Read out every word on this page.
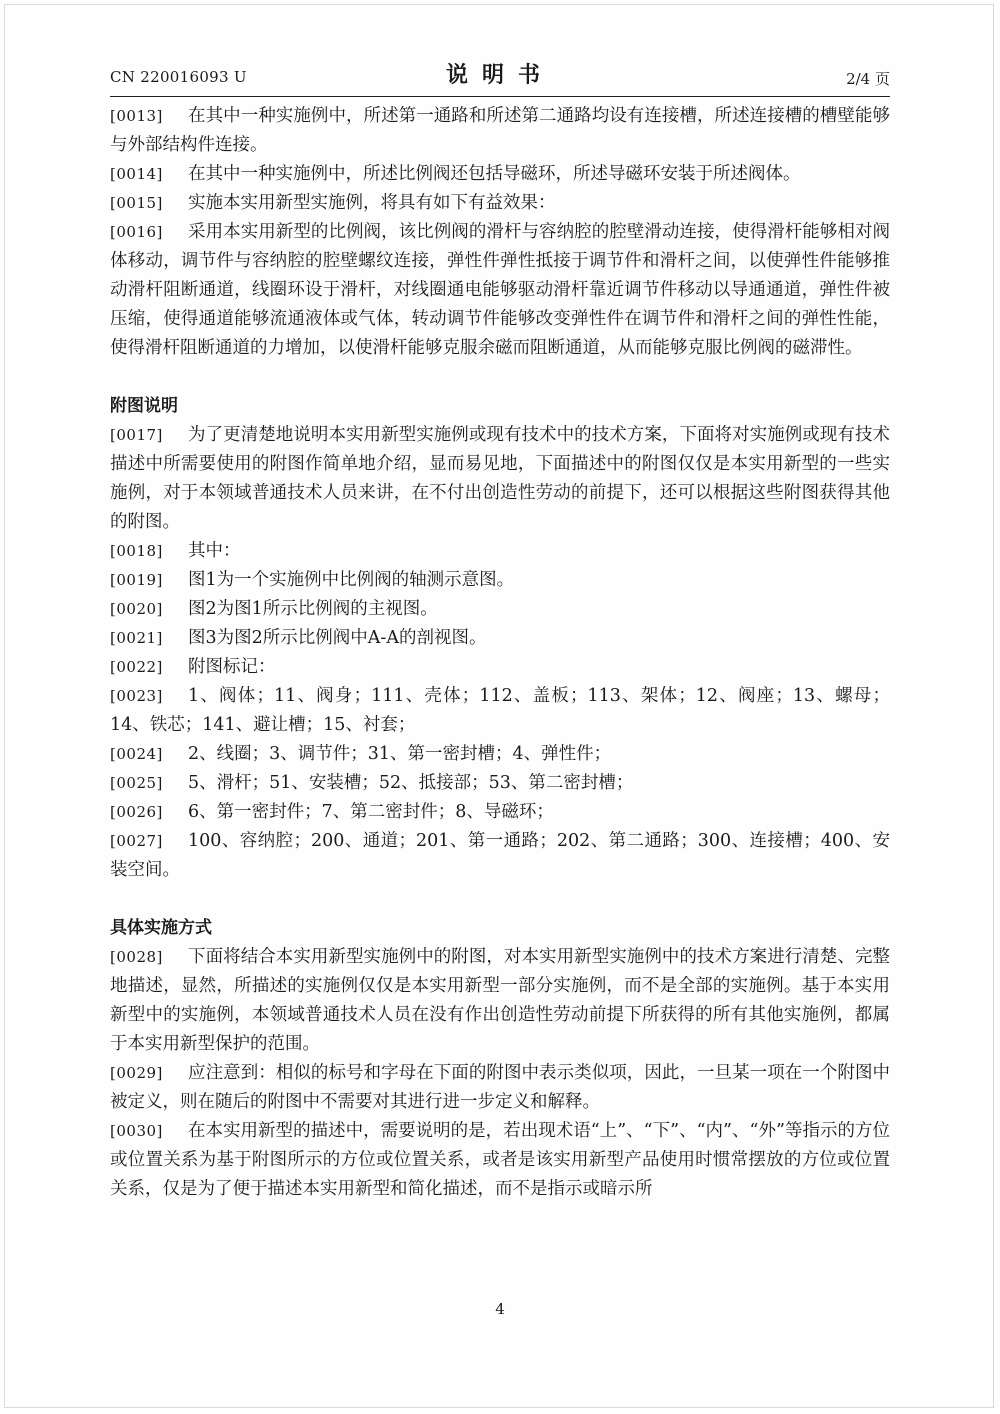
CN 220016093 U	说明书	2/4 页

[0013] 在其中一种实施例中，所述第一通路和所述第二通路均设有连接槽，所述连接槽的槽壁能够与外部结构件连接。

[0014] 在其中一种实施例中，所述比例阀还包括导磁环，所述导磁环安装于所述阀体。

[0015] 实施本实用新型实施例，将具有如下有益效果：

[0016] 采用本实用新型的比例阀，该比例阀的滑杆与容纳腔的腔壁滑动连接，使得滑杆能够相对阀体移动，调节件与容纳腔的腔壁螺纹连接，弹性件弹性抵接于调节件和滑杆之间，以使弹性件能够推动滑杆阻断通道，线圈环设于滑杆，对线圈通电能够驱动滑杆靠近调节件移动以导通通道，弹性件被压缩，使得通道能够流通液体或气体，转动调节件能够改变弹性件在调节件和滑杆之间的弹性性能，使得滑杆阻断通道的力增加，以使滑杆能够克服余磁而阻断通道，从而能够克服比例阀的磁滞性。

附图说明

[0017] 为了更清楚地说明本实用新型实施例或现有技术中的技术方案，下面将对实施例或现有技术描述中所需要使用的附图作简单地介绍，显而易见地，下面描述中的附图仅仅是本实用新型的一些实施例，对于本领域普通技术人员来讲，在不付出创造性劳动的前提下，还可以根据这些附图获得其他的附图。

[0018] 其中：

[0019] 图1为一个实施例中比例阀的轴测示意图。

[0020] 图2为图1所示比例阀的主视图。

[0021] 图3为图2所示比例阀中A-A的剖视图。

[0022] 附图标记：

[0023] 1、阀体；11、阀身；111、壳体；112、盖板；113、架体；12、阀座；13、螺母；14、铁芯；141、避让槽；15、衬套；

[0024] 2、线圈；3、调节件；31、第一密封槽；4、弹性件；

[0025] 5、滑杆；51、安装槽；52、抵接部；53、第二密封槽；

[0026] 6、第一密封件；7、第二密封件；8、导磁环；

[0027] 100、容纳腔；200、通道；201、第一通路；202、第二通路；300、连接槽；400、安装空间。

具体实施方式

[0028] 下面将结合本实用新型实施例中的附图，对本实用新型实施例中的技术方案进行清楚、完整地描述，显然，所描述的实施例仅仅是本实用新型一部分实施例，而不是全部的实施例。基于本实用新型中的实施例，本领域普通技术人员在没有作出创造性劳动前提下所获得的所有其他实施例，都属于本实用新型保护的范围。

[0029] 应注意到：相似的标号和字母在下面的附图中表示类似项，因此，一旦某一项在一个附图中被定义，则在随后的附图中不需要对其进行进一步定义和解释。

[0030] 在本实用新型的描述中，需要说明的是，若出现术语“上”、“下”、“内”、“外”等指示的方位或位置关系为基于附图所示的方位或位置关系，或者是该实用新型产品使用时惯常摆放的方位或位置关系，仅是为了便于描述本实用新型和简化描述，而不是指示或暗示所

4
